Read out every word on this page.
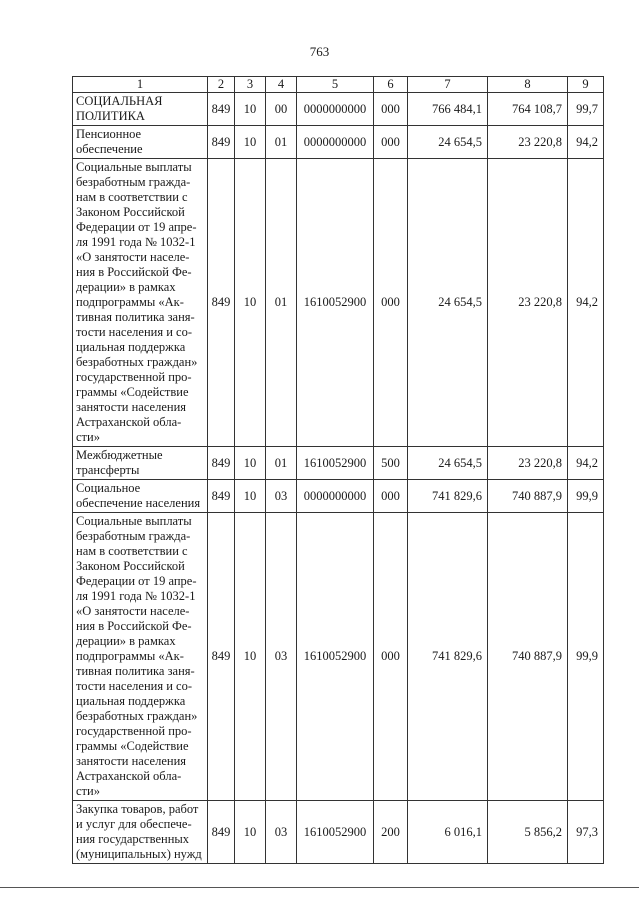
763
1	2	3	4	5	6	7	8	9
СОЦИАЛЬНАЯ ПОЛИТИКА	849	10	00	0000000000	000	766 484,1	764 108,7	99,7
Пенсионное обеспечение	849	10	01	0000000000	000	24 654,5	23 220,8	94,2
Социальные выплаты безработным гражда- нам в соответствии с Законом Российской Федерации от 19 апре- ля 1991 года № 1032-1 «О занятости населе- ния в Российской Фе- дерации» в рамках подпрограммы «Ак- тивная политика заня- тости населения и со- циальная поддержка безработных граждан» государственной про- граммы «Содействие занятости населения Астраханской обла- сти»	849	10	01	1610052900	000	24 654,5	23 220,8	94,2
Межбюджетные трансферты	849	10	01	1610052900	500	24 654,5	23 220,8	94,2
Социальное обеспечение населения	849	10	03	0000000000	000	741 829,6	740 887,9	99,9
Социальные выплаты безработным гражда- нам в соответствии с Законом Российской Федерации от 19 апре- ля 1991 года № 1032-1 «О занятости населе- ния в Российской Фе- дерации» в рамках подпрограммы «Ак- тивная политика заня- тости населения и со- циальная поддержка безработных граждан» государственной про- граммы «Содействие занятости населения Астраханской обла- сти»	849	10	03	1610052900	000	741 829,6	740 887,9	99,9
Закупка товаров, работ и услуг для обеспече- ния государственных (муниципальных) нужд	849	10	03	1610052900	200	6 016,1	5 856,2	97,3
